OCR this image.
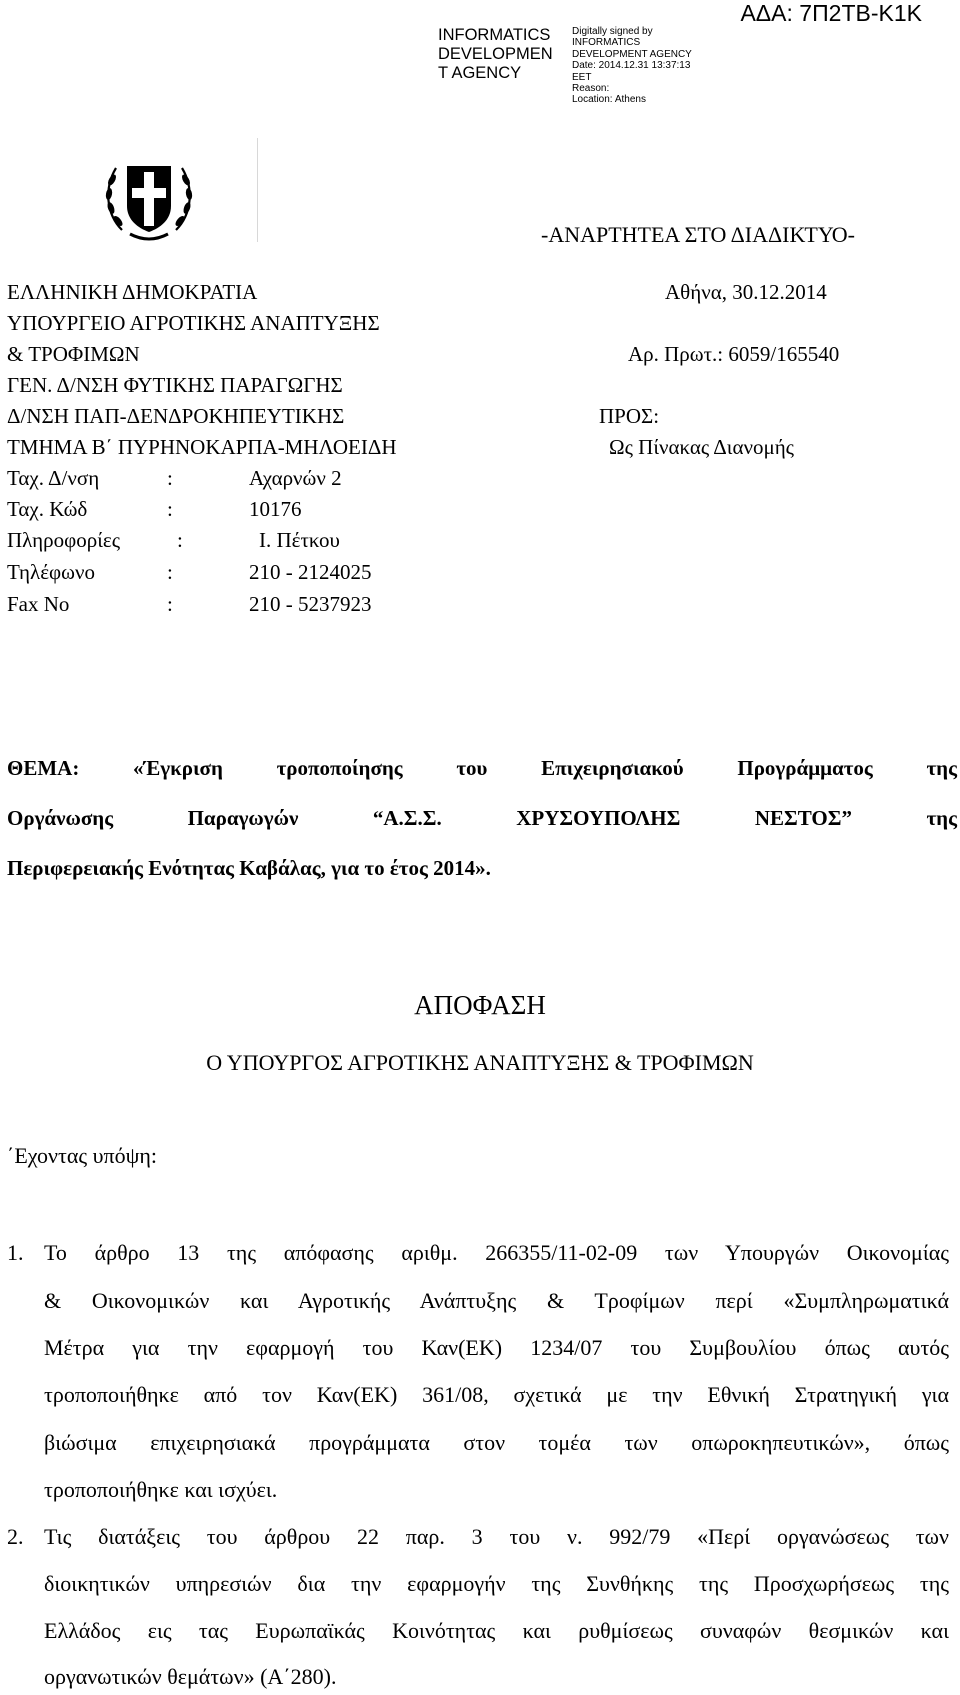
INFORMATICS
DEVELOPMEN
T AGENCY
Digitally signed by
INFORMATICS
DEVELOPMENT AGENCY
Date: 2014.12.31 13:37:13
EET
Reason:
Location: Athens
ΑΔΑ: 7Π2ΤΒ-Κ1Κ
-ΑΝΑΡΤΗΤΕΑ ΣΤΟ ΔΙΑΔΙΚΤΥΟ-
ΕΛΛΗΝΙΚΗ ΔΗΜΟΚΡΑΤΙΑ
ΥΠΟΥΡΓΕΙΟ ΑΓΡΟΤΙΚΗΣ ΑΝΑΠΤΥΞΗΣ
& ΤΡΟΦΙΜΩΝ
ΓΕΝ. Δ/ΝΣΗ ΦΥΤΙΚΗΣ ΠΑΡΑΓΩΓΗΣ
Δ/ΝΣΗ ΠΑΠ-ΔΕΝΔΡΟΚΗΠΕΥΤΙΚΗΣ
ΤΜΗΜΑ Β΄ ΠΥΡΗΝΟΚΑΡΠΑ-ΜΗΛΟΕΙΔΗ
Αθήνα, 30.12.2014
Αρ. Πρωτ.: 6059/165540
ΠΡΟΣ:
Ως Πίνακας Διανομής
Ταχ. Δ/νση	:	Αχαρνών 2
Ταχ. Κώδ	:	10176
Πληροφορίες	:	Ι. Πέτκου
Τηλέφωνο	:	210 - 2124025
Fax No	:	210 - 5237923
ΘΕΜΑ:	«Έγκριση	τροποποίησης	του	Επιχειρησιακού	Προγράμματος	της
Οργάνωσης	Παραγωγών	“Α.Σ.Σ.	ΧΡΥΣΟΥΠΟΛΗΣ	ΝΕΣΤΟΣ”	της
Περιφερειακής Ενότητας Καβάλας, για το έτος 2014».
ΑΠΟΦΑΣΗ
Ο ΥΠΟΥΡΓΟΣ ΑΓΡΟΤΙΚΗΣ ΑΝΑΠΤΥΞΗΣ & ΤΡΟΦΙΜΩΝ
΄Εχοντας υπόψη:
1. Το άρθρο 13 της απόφασης αριθμ. 266355/11-02-09 των Υπουργών Οικονομίας
& Οικονομικών και Αγροτικής Ανάπτυξης & Τροφίμων περί «Συμπληρωματικά
Μέτρα για την εφαρμογή του Καν(ΕΚ) 1234/07 του Συμβουλίου όπως αυτός
τροποποιήθηκε από τον Καν(ΕΚ) 361/08, σχετικά με την Εθνική Στρατηγική για
βιώσιμα επιχειρησιακά προγράμματα στον τομέα των οπωροκηπευτικών», όπως
τροποποιήθηκε και ισχύει.
2. Τις διατάξεις του άρθρου 22 παρ. 3 του ν. 992/79 «Περί οργανώσεως των
διοικητικών υπηρεσιών δια την εφαρμογήν της Συνθήκης της Προσχωρήσεως της
Ελλάδος εις τας Ευρωπαϊκάς Κοινότητας και ρυθμίσεως συναφών θεσμικών και
οργανωτικών θεμάτων» (Α΄280).
